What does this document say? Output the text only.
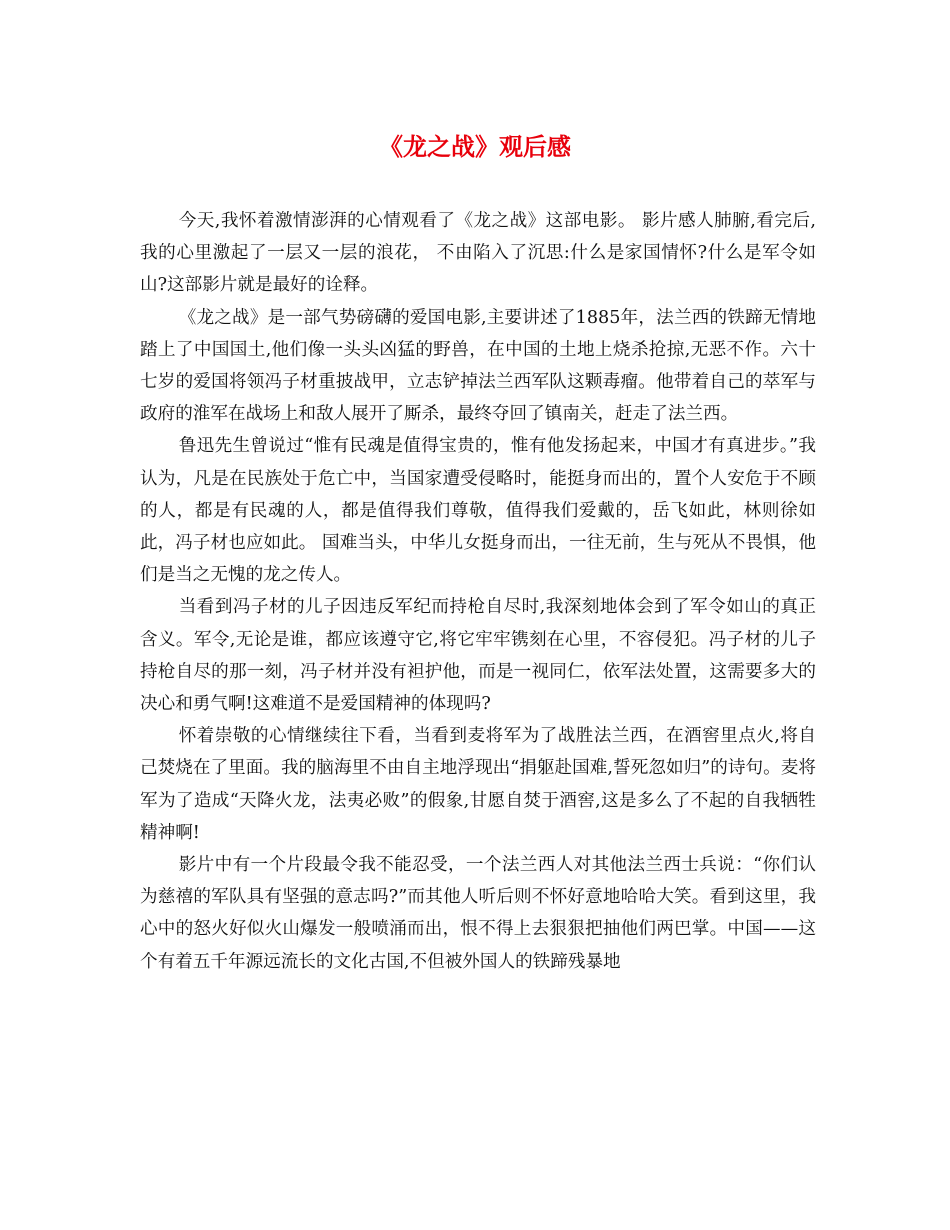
《龙之战》观后感

今天,我怀着激情澎湃的心情观看了《龙之战》这部电影。 影片感人肺腑,看完后,我的心里激起了一层又一层的浪花， 不由陷入了沉思:什么是家国情怀?什么是军令如山?这部影片就是最好的诠释。

《龙之战》是一部气势磅礴的爱国电影,主要讲述了1885年，法兰西的铁蹄无情地踏上了中国国土,他们像一头头凶猛的野兽，在中国的土地上烧杀抢掠,无恶不作。六十七岁的爱国将领冯子材重披战甲，立志铲掉法兰西军队这颗毒瘤。他带着自己的萃军与政府的淮军在战场上和敌人展开了厮杀，最终夺回了镇南关，赶走了法兰西。

鲁迅先生曾说过“惟有民魂是值得宝贵的，惟有他发扬起来，中国才有真进步。”我认为，凡是在民族处于危亡中，当国家遭受侵略时，能挺身而出的，置个人安危于不顾的人，都是有民魂的人，都是值得我们尊敬，值得我们爱戴的，岳飞如此，林则徐如此，冯子材也应如此。 国难当头，中华儿女挺身而出，一往无前，生与死从不畏惧，他们是当之无愧的龙之传人。

当看到冯子材的儿子因违反军纪而持枪自尽时,我深刻地体会到了军令如山的真正含义。军令,无论是谁，都应该遵守它,将它牢牢镌刻在心里，不容侵犯。冯子材的儿子持枪自尽的那一刻，冯子材并没有袒护他，而是一视同仁，依军法处置，这需要多大的决心和勇气啊!这难道不是爱国精神的体现吗?

怀着崇敬的心情继续往下看，当看到麦将军为了战胜法兰西，在酒窖里点火,将自己焚烧在了里面。我的脑海里不由自主地浮现出“捐躯赴国难,誓死忽如归”的诗句。麦将军为了造成“天降火龙，法夷必败”的假象,甘愿自焚于酒窖,这是多么了不起的自我牺牲精神啊!

影片中有一个片段最令我不能忍受，一个法兰西人对其他法兰西士兵说：“你们认为慈禧的军队具有坚强的意志吗?”而其他人听后则不怀好意地哈哈大笑。看到这里，我心中的怒火好似火山爆发一般喷涌而出，恨不得上去狠狠把抽他们两巴掌。中国——这个有着五千年源远流长的文化古国,不但被外国人的铁蹄残暴地
